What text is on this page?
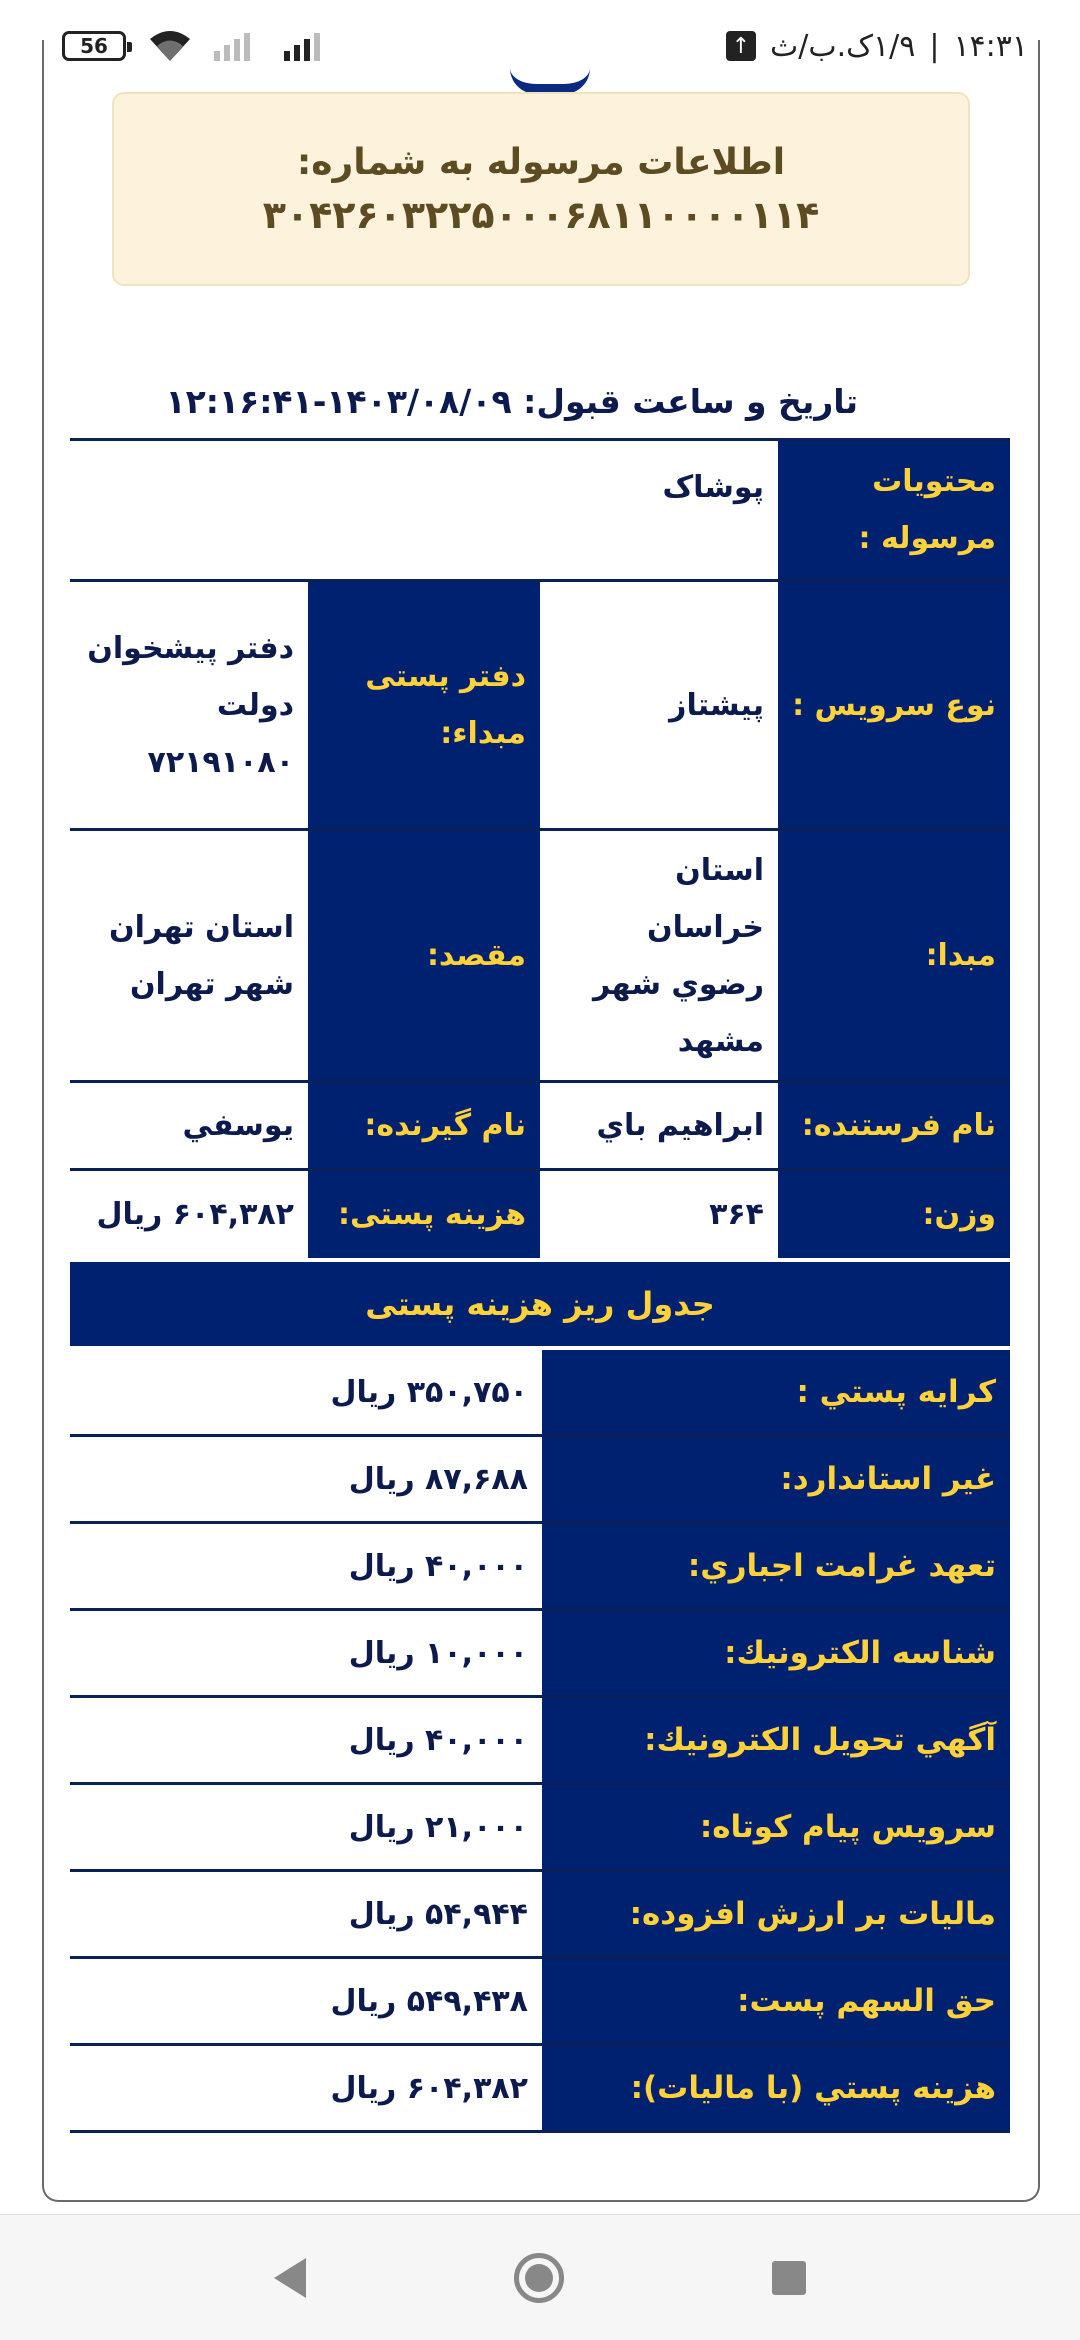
56	۱۴:۳۱
|
۱/۹ک.ب/ث
↑
اطلاعات مرسوله به شماره:
۳۰۴۲۶۰۳۲۲۵۰۰۰۶۸۱۱۰۰۰۰۱۱۴
تاریخ و ساعت قبول: ۱۴۰۳/۰۸/۰۹-۱۲:۱۶:۴۱
محتویات مرسوله :
پوشاک
نوع سرویس :
پیشتاز
دفتر پستی مبداء:
دفتر پیشخوان دولت ۷۲۱۹۱۰۸۰
مبدا:
استان خراسان رضوي شهر مشهد
مقصد:
استان تهران شهر تهران
نام فرستنده:
ابراهيم باي
نام گیرنده:
يوسفي
وزن:
۳۶۴
هزینه پستی:
۶۰۴,۳۸۲ ریال
جدول ریز هزینه پستی
كرايه پستي :
۳۵۰,۷۵۰ ریال
غير استاندارد:
۸۷,۶۸۸ ریال
تعهد غرامت اجباري:
۴۰,۰۰۰ ریال
شناسه الكترونيك:
۱۰,۰۰۰ ریال
آگهي تحويل الكترونيك:
۴۰,۰۰۰ ریال
سرويس پيام كوتاه:
۲۱,۰۰۰ ریال
ماليات بر ارزش افزوده:
۵۴,۹۴۴ ریال
حق السهم پست:
۵۴۹,۴۳۸ ریال
هزينه پستي (با ماليات):
۶۰۴,۳۸۲ ریال
